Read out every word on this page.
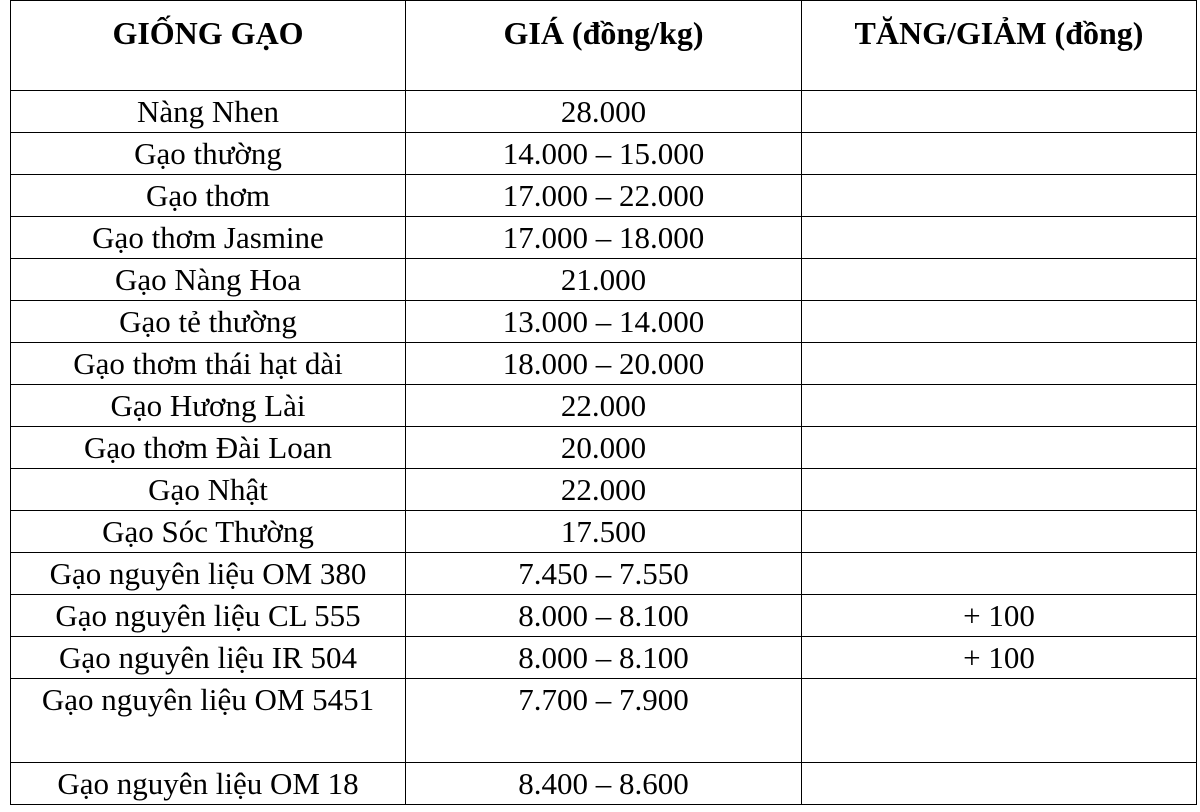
GIỐNG GẠO	GIÁ (đồng/kg)	TĂNG/GIẢM (đồng)
Nàng Nhen	28.000	
Gạo thường	14.000 – 15.000	
Gạo thơm	17.000 – 22.000	
Gạo thơm Jasmine	17.000 – 18.000	
Gạo Nàng Hoa	21.000	
Gạo tẻ thường	13.000 – 14.000	
Gạo thơm thái hạt dài	18.000 – 20.000	
Gạo Hương Lài	22.000	
Gạo thơm Đài Loan	20.000	
Gạo Nhật	22.000	
Gạo Sóc Thường	17.500	
Gạo nguyên liệu OM 380	7.450 – 7.550	
Gạo nguyên liệu CL 555	8.000 – 8.100	+ 100
Gạo nguyên liệu IR 504	8.000 – 8.100	+ 100
Gạo nguyên liệu OM 5451	7.700 – 7.900	
Gạo nguyên liệu OM 18	8.400 – 8.600	
